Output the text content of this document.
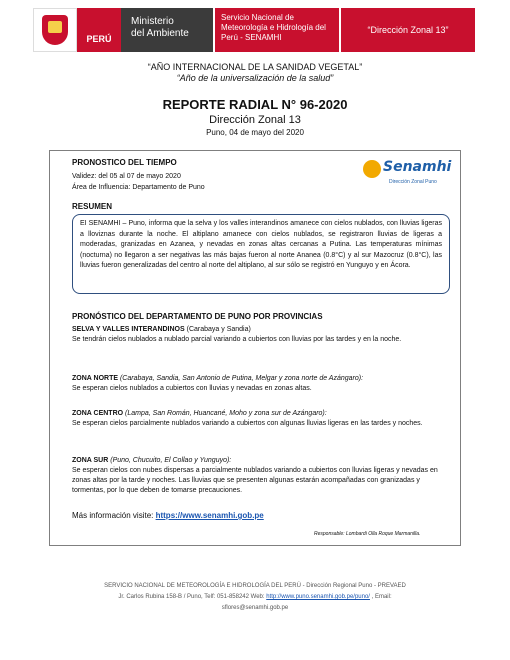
PERÚ
Ministerio
del Ambiente
Servicio Nacional de
Meteorología e Hidrología del
Perú - SENAMHI
“Dirección Zonal 13”
“AÑO INTERNACIONAL DE LA SANIDAD VEGETAL”
“Año de la universalización de la salud”
REPORTE RADIAL N° 96-2020
Dirección Zonal 13
Puno, 04 de mayo del 2020
PRONOSTICO DEL TIEMPO
Validez: del 05 al 07 de mayo 2020
Área de Influencia: Departamento de Puno
Senamhi
Dirección Zonal Puno
RESUMEN
EI SENAMHI – Puno, informa que la selva y los valles interandinos amanece con cielos nublados, con lluvias ligeras a lloviznas durante la noche. El altiplano amanece con cielos nublados, se registraron lluvias de ligeras a moderadas, granizadas en Azanea, y nevadas en zonas altas cercanas a Putina. Las temperaturas mínimas (nocturna) no llegaron a ser negativas las más bajas fueron al norte Ananea (0.8°C) y al sur Mazocruz (0.8°C), las lluvias fueron generalizadas del centro al norte del altiplano, al sur sólo se registró en Yunguyo y en Ácora.
PRONÓSTICO DEL DEPARTAMENTO DE PUNO POR PROVINCIAS
SELVA Y VALLES INTERANDINOS (Carabaya y Sandia)
Se tendrán cielos nublados a nublado parcial variando a cubiertos con lluvias por las tardes y en la noche.
ZONA NORTE (Carabaya, Sandia, San Antonio de Putina, Melgar y zona norte de Azángaro):
Se esperan cielos nublados a cubiertos con lluvias y nevadas en zonas altas.
ZONA CENTRO (Lampa, San Román, Huancané, Moho y zona sur de Azángaro):
Se esperan cielos parcialmente nublados variando a cubiertos con algunas lluvias ligeras en las tardes y noches.
ZONA SUR (Puno, Chucuito, El Collao y Yunguyo):
Se esperan cielos con nubes dispersas a parcialmente nublados variando a cubiertos con lluvias ligeras y nevadas en zonas altas por la tarde y noches. Las lluvias que se presenten algunas estarán acompañadas con granizadas y tormentas, por lo que deben de tomarse precauciones.
Más información visite: https://www.senamhi.gob.pe
Responsable: Lombardi Olla Roque Marmanilla.
SERVICIO NACIONAL DE METEOROLOGÍA E HIDROLOGÍA DEL PERÚ - Dirección Regional Puno - PREVAED
Jr. Carlos Rubina 158-B / Puno, Telf: 051-858242 Web: http://www.puno.senamhi.gob.pe/puno/ , Email:
sflores@senamhi.gob.pe
